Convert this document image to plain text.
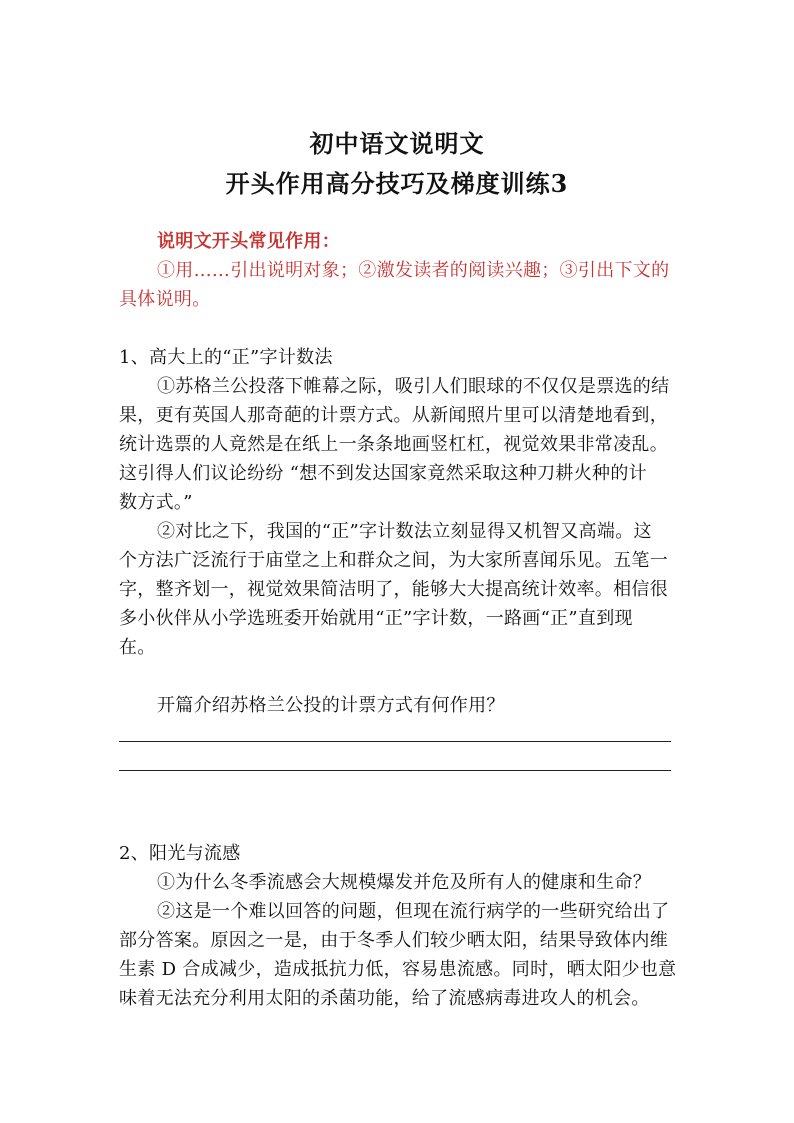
初中语文说明文
开头作用高分技巧及梯度训练3
说明文开头常见作用：
①用……引出说明对象；②激发读者的阅读兴趣；③引出下文的
具体说明。
1、高大上的“正”字计数法
①苏格兰公投落下帷幕之际，吸引人们眼球的不仅仅是票选的结
果，更有英国人那奇葩的计票方式。从新闻照片里可以清楚地看到，
统计选票的人竟然是在纸上一条条地画竖杠杠，视觉效果非常凌乱。
这引得人们议论纷纷 “想不到发达国家竟然采取这种刀耕火种的计
数方式。”
②对比之下，我国的“正”字计数法立刻显得又机智又高端。这
个方法广泛流行于庙堂之上和群众之间，为大家所喜闻乐见。五笔一
字，整齐划一，视觉效果简洁明了，能够大大提高统计效率。相信很
多小伙伴从小学选班委开始就用“正”字计数，一路画“正”直到现
在。
开篇介绍苏格兰公投的计票方式有何作用？
2、阳光与流感
①为什么冬季流感会大规模爆发并危及所有人的健康和生命？
②这是一个难以回答的问题，但现在流行病学的一些研究给出了
部分答案。原因之一是，由于冬季人们较少晒太阳，结果导致体内维
生素 D 合成减少，造成抵抗力低，容易患流感。同时，晒太阳少也意
味着无法充分利用太阳的杀菌功能，给了流感病毒进攻人的机会。
